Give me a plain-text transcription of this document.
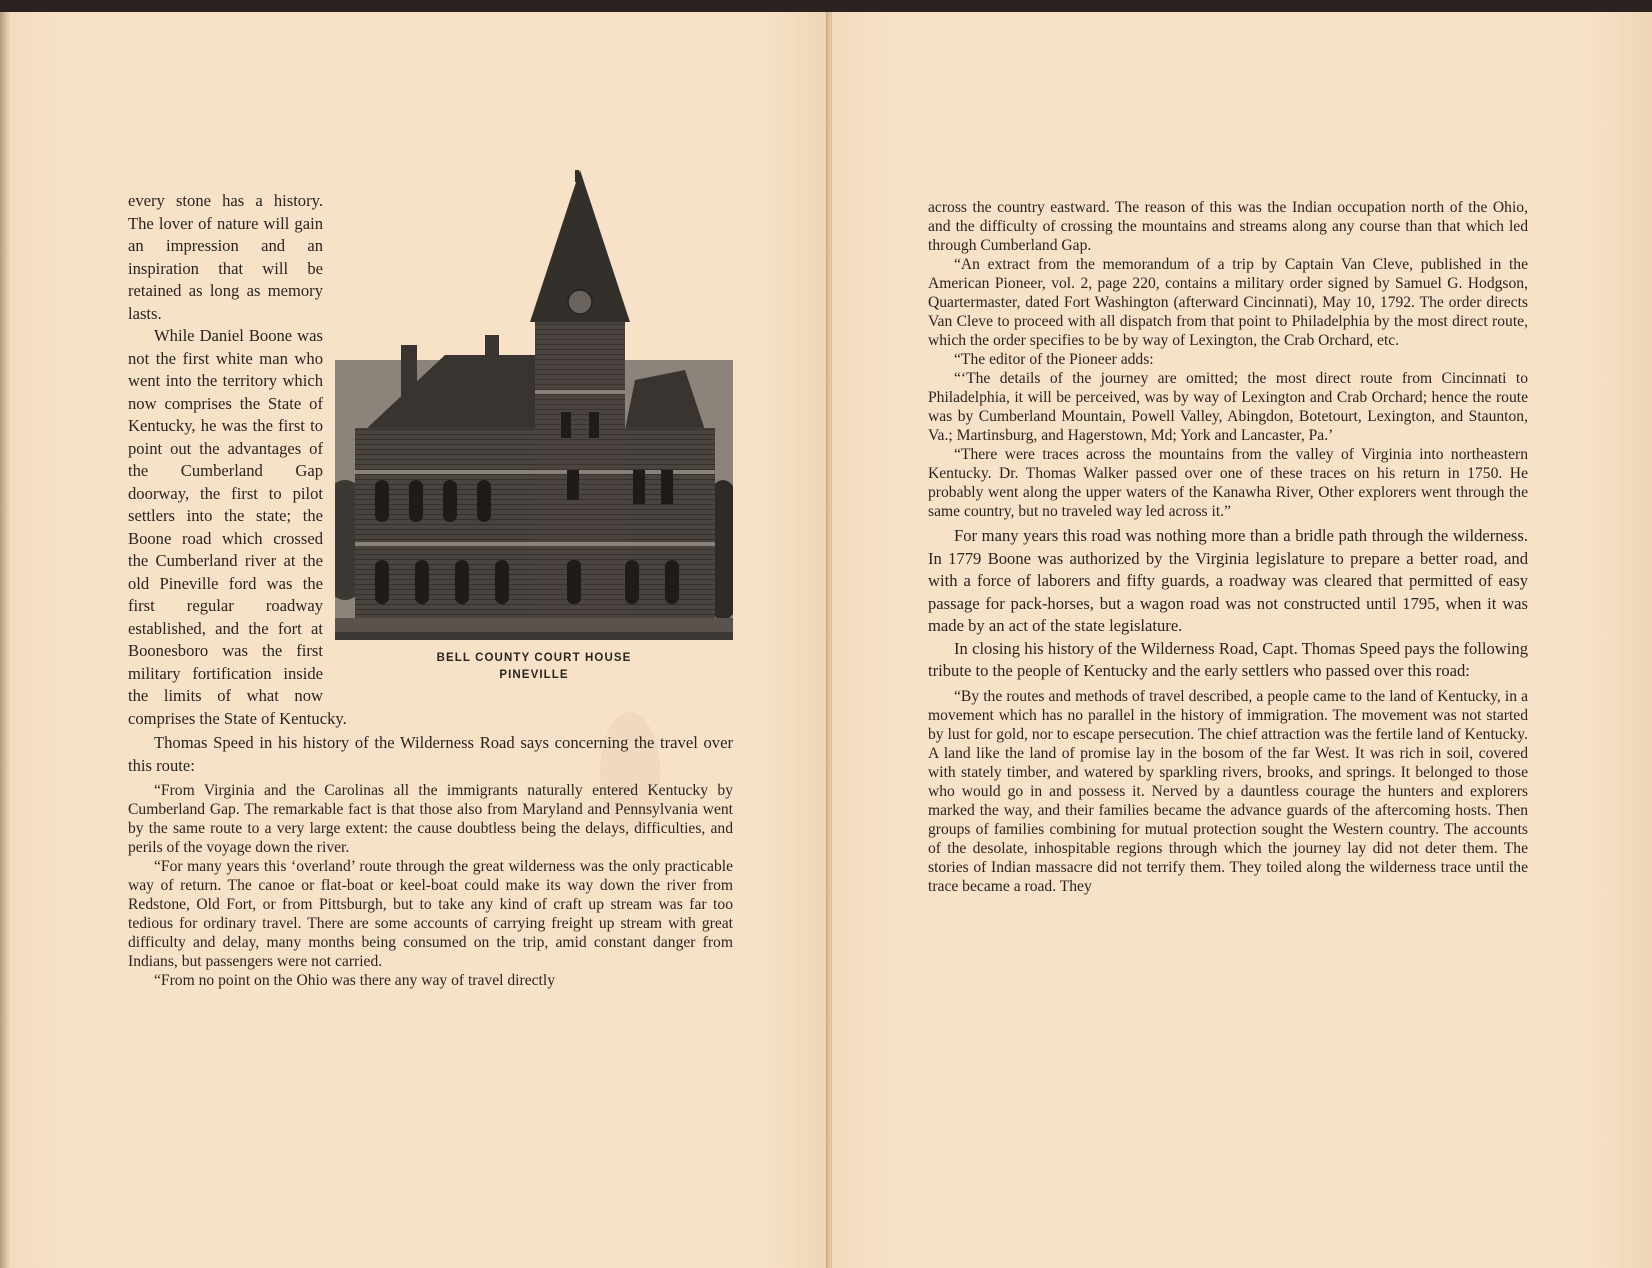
BELL COUNTY COURT HOUSE
PINEVILLE

every stone has a history. The lover of nature will gain an impression and an inspiration that will be retained as long as memory lasts.

While Daniel Boone was not the first white man who went into the territory which now comprises the State of Kentucky, he was the first to point out the advantages of the Cumberland Gap doorway, the first to pilot settlers into the state; the Boone road which crossed the Cumberland river at the old Pineville ford was the first regular roadway established, and the fort at Boonesboro was the first military fortification inside the limits of what now comprises the State of Kentucky.

Thomas Speed in his history of the Wilderness Road says concerning the travel over this route:

“From Virginia and the Carolinas all the immigrants naturally entered Kentucky by Cumberland Gap. The remarkable fact is that those also from Maryland and Pennsylvania went by the same route to a very large extent: the cause doubtless being the delays, difficulties, and perils of the voyage down the river.

“For many years this ‘overland’ route through the great wilderness was the only practicable way of return. The canoe or flat-boat or keel-boat could make its way down the river from Redstone, Old Fort, or from Pittsburgh, but to take any kind of craft up stream was far too tedious for ordinary travel. There are some accounts of carrying freight up stream with great difficulty and delay, many months being consumed on the trip, amid constant danger from Indians, but passengers were not carried.

“From no point on the Ohio was there any way of travel directly

across the country eastward. The reason of this was the Indian occupation north of the Ohio, and the difficulty of crossing the mountains and streams along any course than that which led through Cumberland Gap.

“An extract from the memorandum of a trip by Captain Van Cleve, published in the American Pioneer, vol. 2, page 220, contains a military order signed by Samuel G. Hodgson, Quartermaster, dated Fort Washington (afterward Cincinnati), May 10, 1792. The order directs Van Cleve to proceed with all dispatch from that point to Philadelphia by the most direct route, which the order specifies to be by way of Lexington, the Crab Orchard, etc.

“The editor of the Pioneer adds:

“‘The details of the journey are omitted; the most direct route from Cincinnati to Philadelphia, it will be perceived, was by way of Lexington and Crab Orchard; hence the route was by Cumberland Mountain, Powell Valley, Abingdon, Botetourt, Lexington, and Staunton, Va.; Martinsburg, and Hagerstown, Md; York and Lancaster, Pa.’

“There were traces across the mountains from the valley of Virginia into northeastern Kentucky. Dr. Thomas Walker passed over one of these traces on his return in 1750. He probably went along the upper waters of the Kanawha River, Other explorers went through the same country, but no traveled way led across it.”

For many years this road was nothing more than a bridle path through the wilderness. In 1779 Boone was authorized by the Virginia legislature to prepare a better road, and with a force of laborers and fifty guards, a roadway was cleared that permitted of easy passage for pack-horses, but a wagon road was not constructed until 1795, when it was made by an act of the state legislature.

In closing his history of the Wilderness Road, Capt. Thomas Speed pays the following tribute to the people of Kentucky and the early settlers who passed over this road:

“By the routes and methods of travel described, a people came to the land of Kentucky, in a movement which has no parallel in the history of immigration. The movement was not started by lust for gold, nor to escape persecution. The chief attraction was the fertile land of Kentucky. A land like the land of promise lay in the bosom of the far West. It was rich in soil, covered with stately timber, and watered by sparkling rivers, brooks, and springs. It belonged to those who would go in and possess it. Nerved by a dauntless courage the hunters and explorers marked the way, and their families became the advance guards of the aftercoming hosts. Then groups of families combining for mutual protection sought the Western country. The accounts of the desolate, inhospitable regions through which the journey lay did not deter them. The stories of Indian massacre did not terrify them. They toiled along the wilderness trace until the trace became a road. They
